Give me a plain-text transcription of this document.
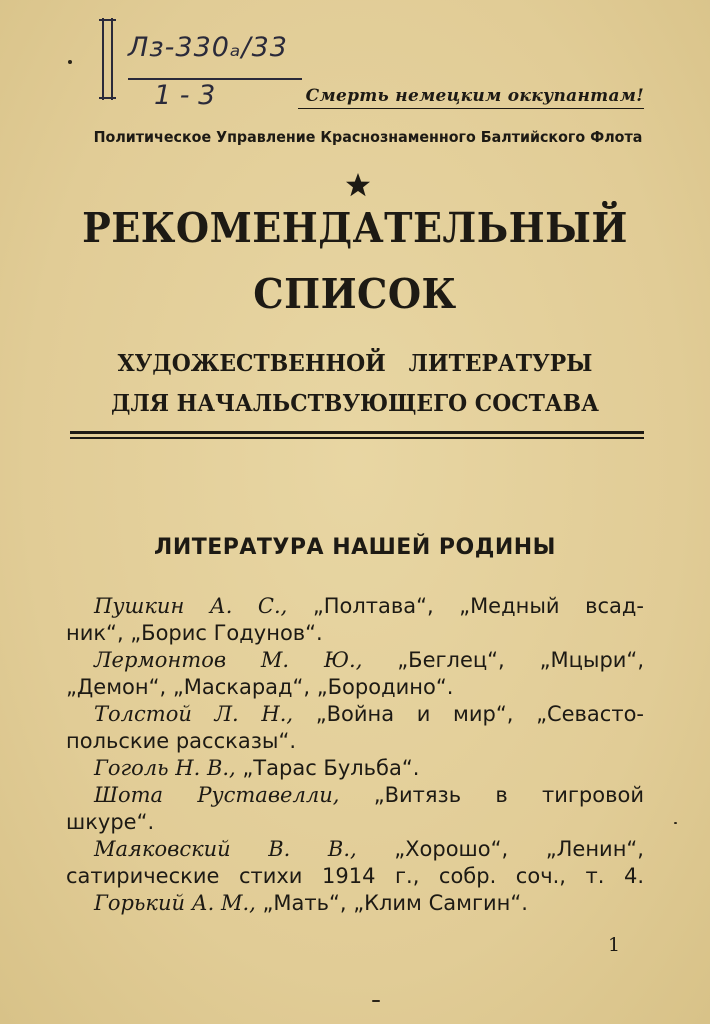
Лз-330ₐ/33
1 - 3	Смерть немецким оккупантам!
Политическое Управление Краснознаменного Балтийского Флота
РЕКОМЕНДАТЕЛЬНЫЙ
СПИСОК
ХУДОЖЕСТВЕННОЙ ЛИТЕРАТУРЫ
ДЛЯ НАЧАЛЬСТВУЮЩЕГО СОСТАВА
ЛИТЕРАТУРА НАШЕЙ РОДИНЫ
Пушкин А. С., „Полтава“, „Медный всад-
ник“, „Борис Годунов“.
Лермонтов М. Ю., „Беглец“, „Мцыри“,
„Демон“, „Маскарад“, „Бородино“.
Толстой Л. Н., „Война и мир“, „Севасто-
польские рассказы“.
Гоголь Н. В., „Тарас Бульба“.
Шота Руставелли, „Витязь в тигровой
шкуре“.
Маяковский В. В., „Хорошо“, „Ленин“,
сатирические стихи 1914 г., собр. соч., т. 4.
Горький А. М., „Мать“, „Клим Самгин“.
1
